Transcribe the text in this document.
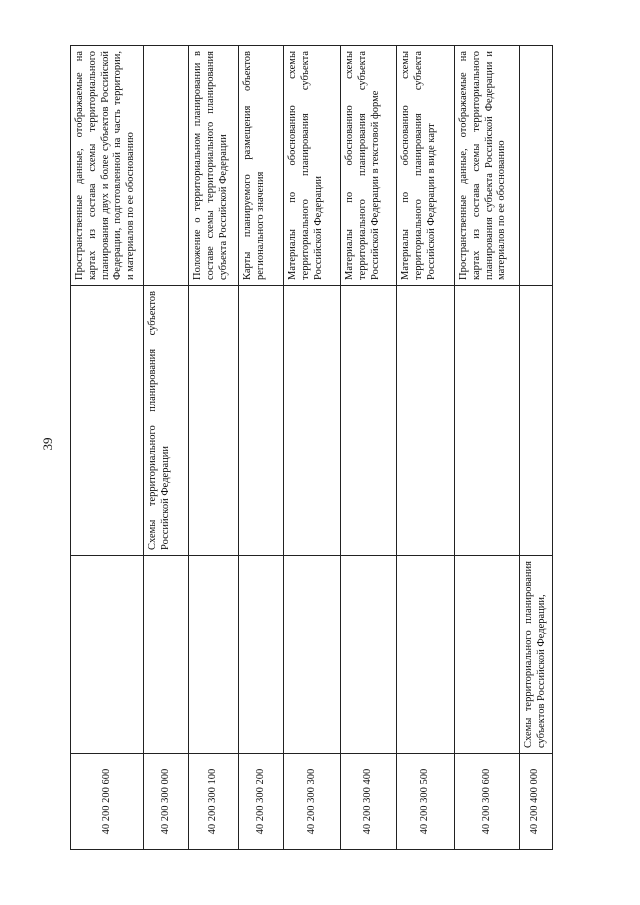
39
40 200 200 600			Пространственные данные, отображаемые на картах из состава схемы территориального планирования двух и более субъектов Российской Федерации, подготовленной на часть территории, и материалов по ее обоснованию
40 200 300 000		Схемы территориального планирования субъектов Российской Федерации	
40 200 300 100			Положение о территориальном планировании в составе схемы территориального планирования субъекта Российской Федерации
40 200 300 200			Карты планируемого размещения объектов регионального значения
40 200 300 300			Материалы по обоснованию схемы территориального планирования субъекта Российской Федерации
40 200 300 400			Материалы по обоснованию схемы территориального планирования субъекта Российской Федерации в текстовой форме
40 200 300 500			Материалы по обоснованию схемы территориального планирования субъекта Российской Федерации в виде карт
40 200 300 600			Пространственные данные, отображаемые на картах из состава схемы территориального планирования субъекта Российской Федерации и материалов по ее обоснованию
40 200 400 000	Схемы территориального планирования субъектов Российской Федерации,		
